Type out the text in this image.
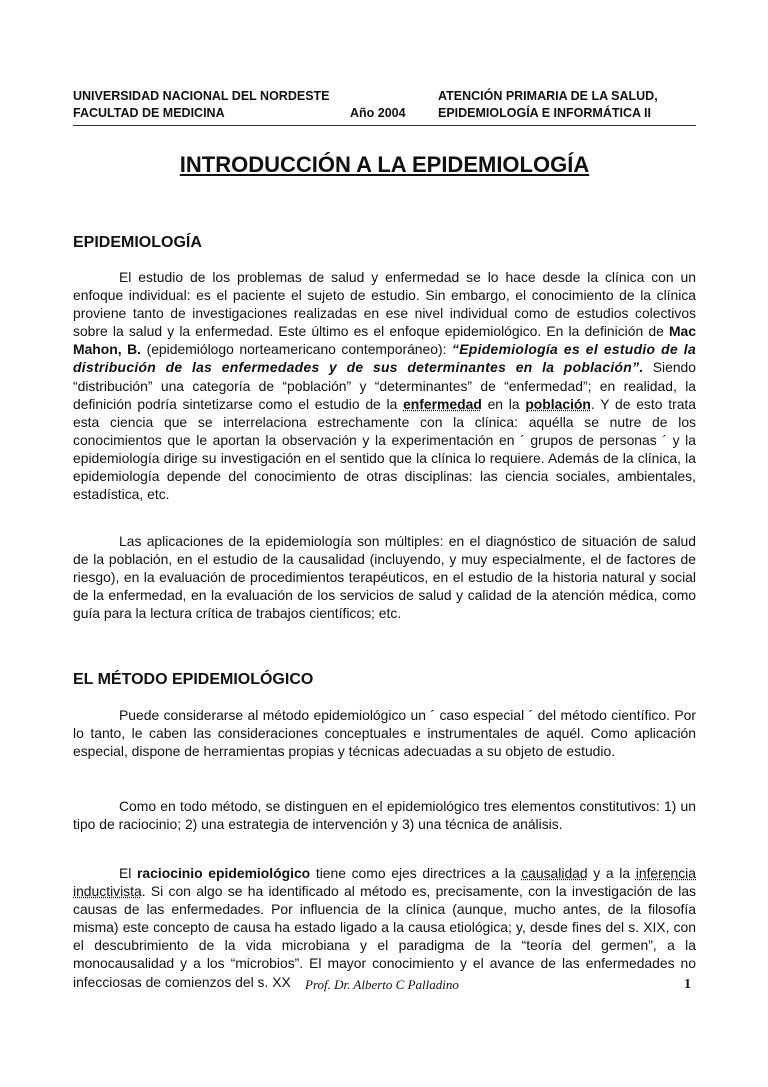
UNIVERSIDAD NACIONAL DEL NORDESTE
FACULTAD DE MEDICINA	Año 2004
ATENCIÓN PRIMARIA DE LA SALUD,
EPIDEMIOLOGÍA E INFORMÁTICA II
INTRODUCCIÓN A LA EPIDEMIOLOGÍA
EPIDEMIOLOGÍA

El estudio de los problemas de salud y enfermedad se lo hace desde la clínica con un enfoque individual: es el paciente el sujeto de estudio. Sin embargo, el conocimiento de la clínica proviene tanto de investigaciones realizadas en ese nivel individual como de estudios colectivos sobre la salud y la enfermedad. Este último es el enfoque epidemiológico. En la definición de Mac Mahon, B. (epidemiólogo norteamericano contemporáneo): “Epidemiología es el estudio de la distribución de las enfermedades y de sus determinantes en la población”. Siendo “distribución” una categoría de “población” y “determinantes” de “enfermedad”; en realidad, la definición podría sintetizarse como el estudio de la enfermedad en la población. Y de esto trata esta ciencia que se interrelaciona estrechamente con la clínica: aquélla se nutre de los conocimientos que le aportan la observación y la experimentación en ´ grupos de personas ´ y la epidemiología dirige su investigación en el sentido que la clínica lo requiere. Además de la clínica, la epidemiología depende del conocimiento de otras disciplinas: las ciencia sociales, ambientales, estadística, etc.

Las aplicaciones de la epidemiología son múltiples: en el diagnóstico de situación de salud de la población, en el estudio de la causalidad (incluyendo, y muy especialmente, el de factores de riesgo), en la evaluación de procedimientos terapéuticos, en el estudio de la historia natural y social de la enfermedad, en la evaluación de los servicios de salud y calidad de la atención médica, como guía para la lectura crítica de trabajos científicos; etc.

EL MÉTODO EPIDEMIOLÓGICO

Puede considerarse al método epidemiológico un ´ caso especial ´ del método científico. Por lo tanto, le caben las consideraciones conceptuales e instrumentales de aquél. Como aplicación especial, dispone de herramientas propias y técnicas adecuadas a su objeto de estudio.

Como en todo método, se distinguen en el epidemiológico tres elementos constitutivos: 1) un tipo de raciocinio; 2) una estrategia de intervención y 3) una técnica de análisis.

El raciocinio epidemiológico tiene como ejes directrices a la causalidad y a la inferencia inductivista. Si con algo se ha identificado al método es, precisamente, con la investigación de las causas de las enfermedades. Por influencia de la clínica (aunque, mucho antes, de la filosofía misma) este concepto de causa ha estado ligado a la causa etiológica; y, desde fines del s. XIX, con el descubrimiento de la vida microbiana y el paradigma de la “teoría del germen”, a la monocausalidad y a los “microbios”. El mayor conocimiento y el avance de las enfermedades no infecciosas de comienzos del s. XX	Prof. Dr. Alberto C Palladino	1
